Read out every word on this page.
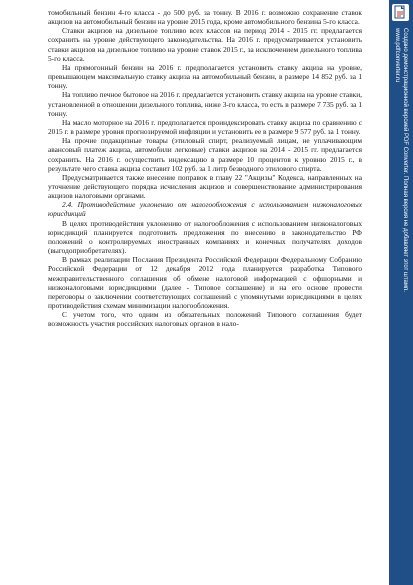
томобильный бензин 4-го класса - до 500 руб. за тонну. В 2016 г. возможно сохранение ставок акцизов на автомобильный бензин на уровне 2015 года, кроме автомобильного бензина 5-го класса.

Ставки акцизов на дизельное топливо всех классов на период 2014 - 2015 гг. предлагается сохранить на уровне действующего законодательства. На 2016 г. предусматривается установить ставки акцизов на дизельное топливо на уровне ставок 2015 г., за исключением дизельного топлива 5-го класса.

На прямогонный бензин на 2016 г. предполагается установить ставку акциза на уровне, превышающем максимальную ставку акциза на автомобильный бензин, в размере 14 852 руб. за 1 тонну.

На топливо печное бытовое на 2016 г. предлагается установить ставку акциза на уровне ставки, установленной в отношении дизельного топлива, ниже 3-го класса, то есть в размере 7 735 руб. за 1 тонну.

На масло моторное на 2016 г. предполагается проиндексировать ставку акциза по сравнению с 2015 г. в размере уровня прогнозируемой инфляции и установить ее в размере 9 577 руб. за 1 тонну.

На прочие подакцизные товары (этиловый спирт, реализуемый лицам, не уплачивающим авансовый платеж акциза, автомобили легковые) ставки акцизов на 2014 - 2015 гг. предлагается сохранить. На 2016 г. осуществить индексацию в размере 10 процентов к уровню 2015 г., в результате чего ставка акциза составит 102 руб. за 1 литр безводного этилового спирта.

Предусматривается также внесение поправок в главу 22 "Акцизы" Кодекса, направленных на уточнение действующего порядка исчисления акцизов и совершенствование администрирования акцизов налоговыми органами.

2.4. Противодействие уклонению от налогообложения с использованием низконалоговых юрисдикций

В целях противодействия уклонению от налогообложения с использованием низконалоговых юрисдикций планируется подготовить предложения по внесению в законодательство РФ положений о контролируемых иностранных компаниях и конечных получателях доходов (выгодоприобретателях).

В рамках реализации Послания Президента Российской Федерации Федеральному Собранию Российской Федерации от 12 декабря 2012 года планируется разработка Типового межправительственного соглашения об обмене налоговой информацией с офшорными и низконалоговыми юрисдикциями (далее - Типовое соглашение) и на его основе провести переговоры о заключении соответствующих соглашений с упомянутыми юрисдикциями в целях противодействия схемам минимизации налогообложения.

С учетом того, что одним из обязательных положений Типового соглашения будет возможность участия российских налоговых органов в нало-

Создано демонстрационной версией PDF Converter. Полная версия не добавляет этот штамп.
www.pdfconverter.ru
